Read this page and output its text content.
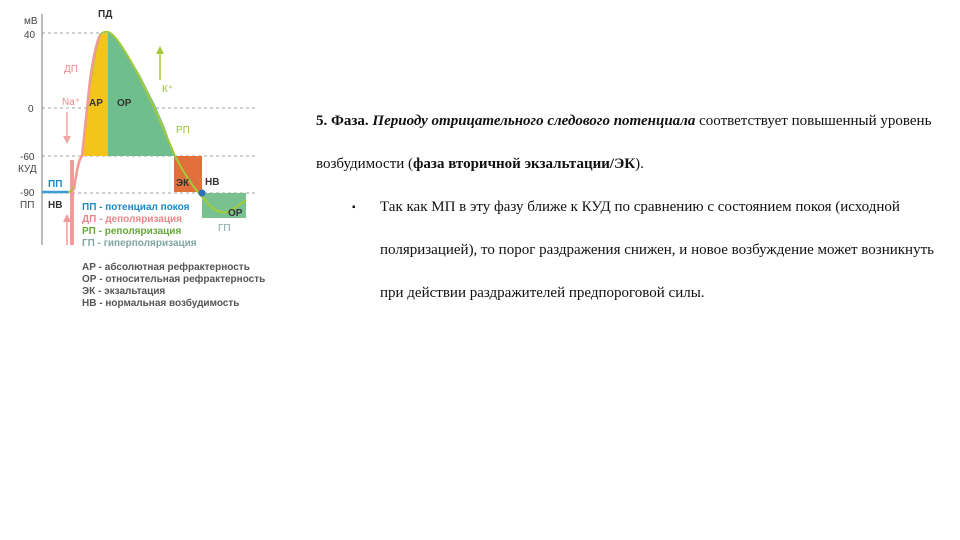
мВ
40
0
-60
КУД
-90
ПП
ПД
ДП
Na⁺
К⁺
АР ОР
РП
ЭК НВ
ОР
ГП
ПП
НВ ПП - потенциал покоя
ДП - деполяризация
РП - реполяризация
ГП - гиперполяризация
АР - абсолютная рефрактерность
ОР - относительная рефрактерность
ЭК - экзальтация
НВ - нормальная возбудимость

5. Фаза. Периоду отрицательного следового потенциала соответствует повышенный уровень возбудимости (фаза вторичной экзальтации/ЭК).

▪	Так как МП в эту фазу ближе к КУД по сравнению с состоянием покоя (исходной поляризацией), то порог раздражения снижен, и новое возбуждение может возникнуть при действии раздражителей предпороговой силы.
